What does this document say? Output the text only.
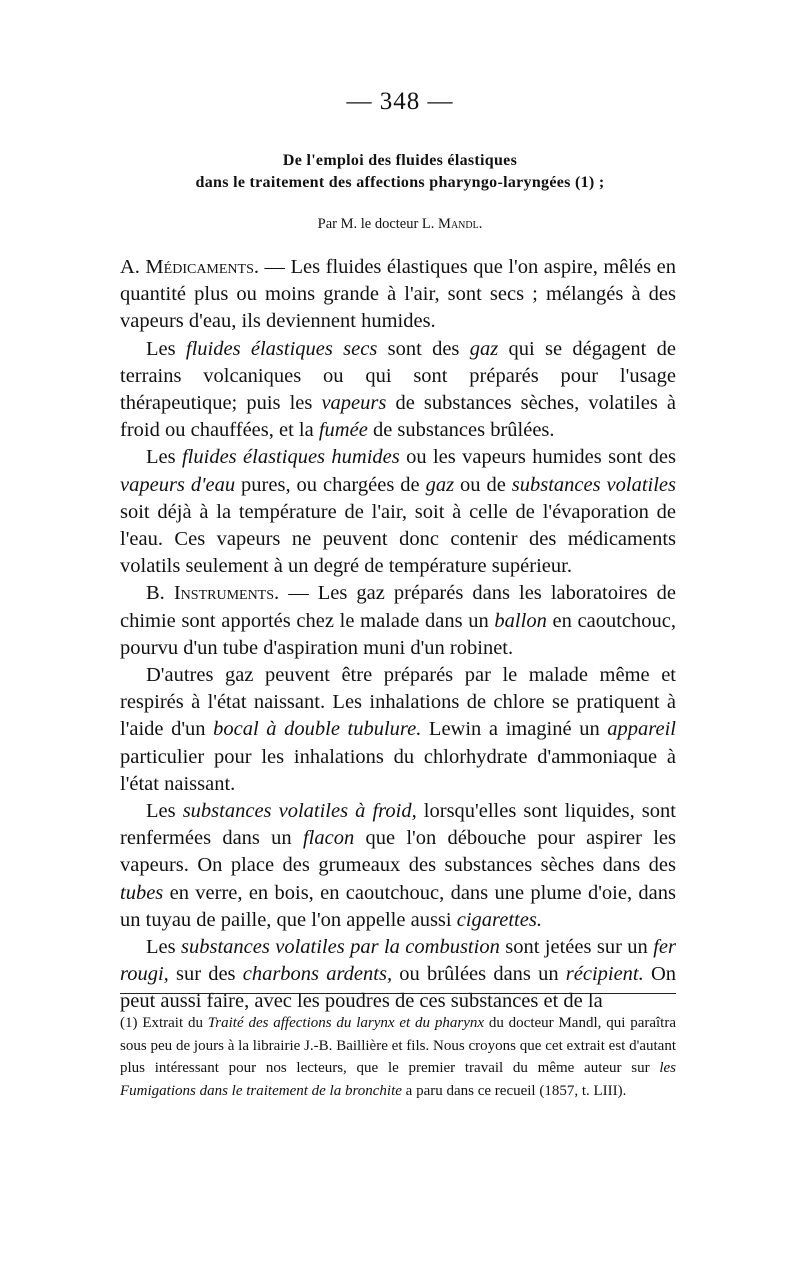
— 348 —
De l'emploi des fluides élastiques
dans le traitement des affections pharyngo-laryngées (1) ;
Par M. le docteur L. Mandl.

A. Médicaments. — Les fluides élastiques que l'on aspire, mêlés en quantité plus ou moins grande à l'air, sont secs ; mélangés à des vapeurs d'eau, ils deviennent humides.

Les fluides élastiques secs sont des gaz qui se dégagent de terrains volcaniques ou qui sont préparés pour l'usage thérapeutique; puis les vapeurs de substances sèches, volatiles à froid ou chauffées, et la fumée de substances brûlées.

Les fluides élastiques humides ou les vapeurs humides sont des vapeurs d'eau pures, ou chargées de gaz ou de substances volatiles soit déjà à la température de l'air, soit à celle de l'évaporation de l'eau. Ces vapeurs ne peuvent donc contenir des médicaments volatils seulement à un degré de température supérieur.

B. Instruments. — Les gaz préparés dans les laboratoires de chimie sont apportés chez le malade dans un ballon en caoutchouc, pourvu d'un tube d'aspiration muni d'un robinet.

D'autres gaz peuvent être préparés par le malade même et respirés à l'état naissant. Les inhalations de chlore se pratiquent à l'aide d'un bocal à double tubulure. Lewin a imaginé un appareil particulier pour les inhalations du chlorhydrate d'ammoniaque à l'état naissant.

Les substances volatiles à froid, lorsqu'elles sont liquides, sont renfermées dans un flacon que l'on débouche pour aspirer les vapeurs. On place des grumeaux des substances sèches dans des tubes en verre, en bois, en caoutchouc, dans une plume d'oie, dans un tuyau de paille, que l'on appelle aussi cigarettes.

Les substances volatiles par la combustion sont jetées sur un fer rougi, sur des charbons ardents, ou brûlées dans un récipient. On peut aussi faire, avec les poudres de ces substances et de la

(1) Extrait du Traité des affections du larynx et du pharynx du docteur Mandl, qui paraîtra sous peu de jours à la librairie J.-B. Baillière et fils. Nous croyons que cet extrait est d'autant plus intéressant pour nos lecteurs, que le premier travail du même auteur sur les Fumigations dans le traitement de la bronchite a paru dans ce recueil (1857, t. LIII).
